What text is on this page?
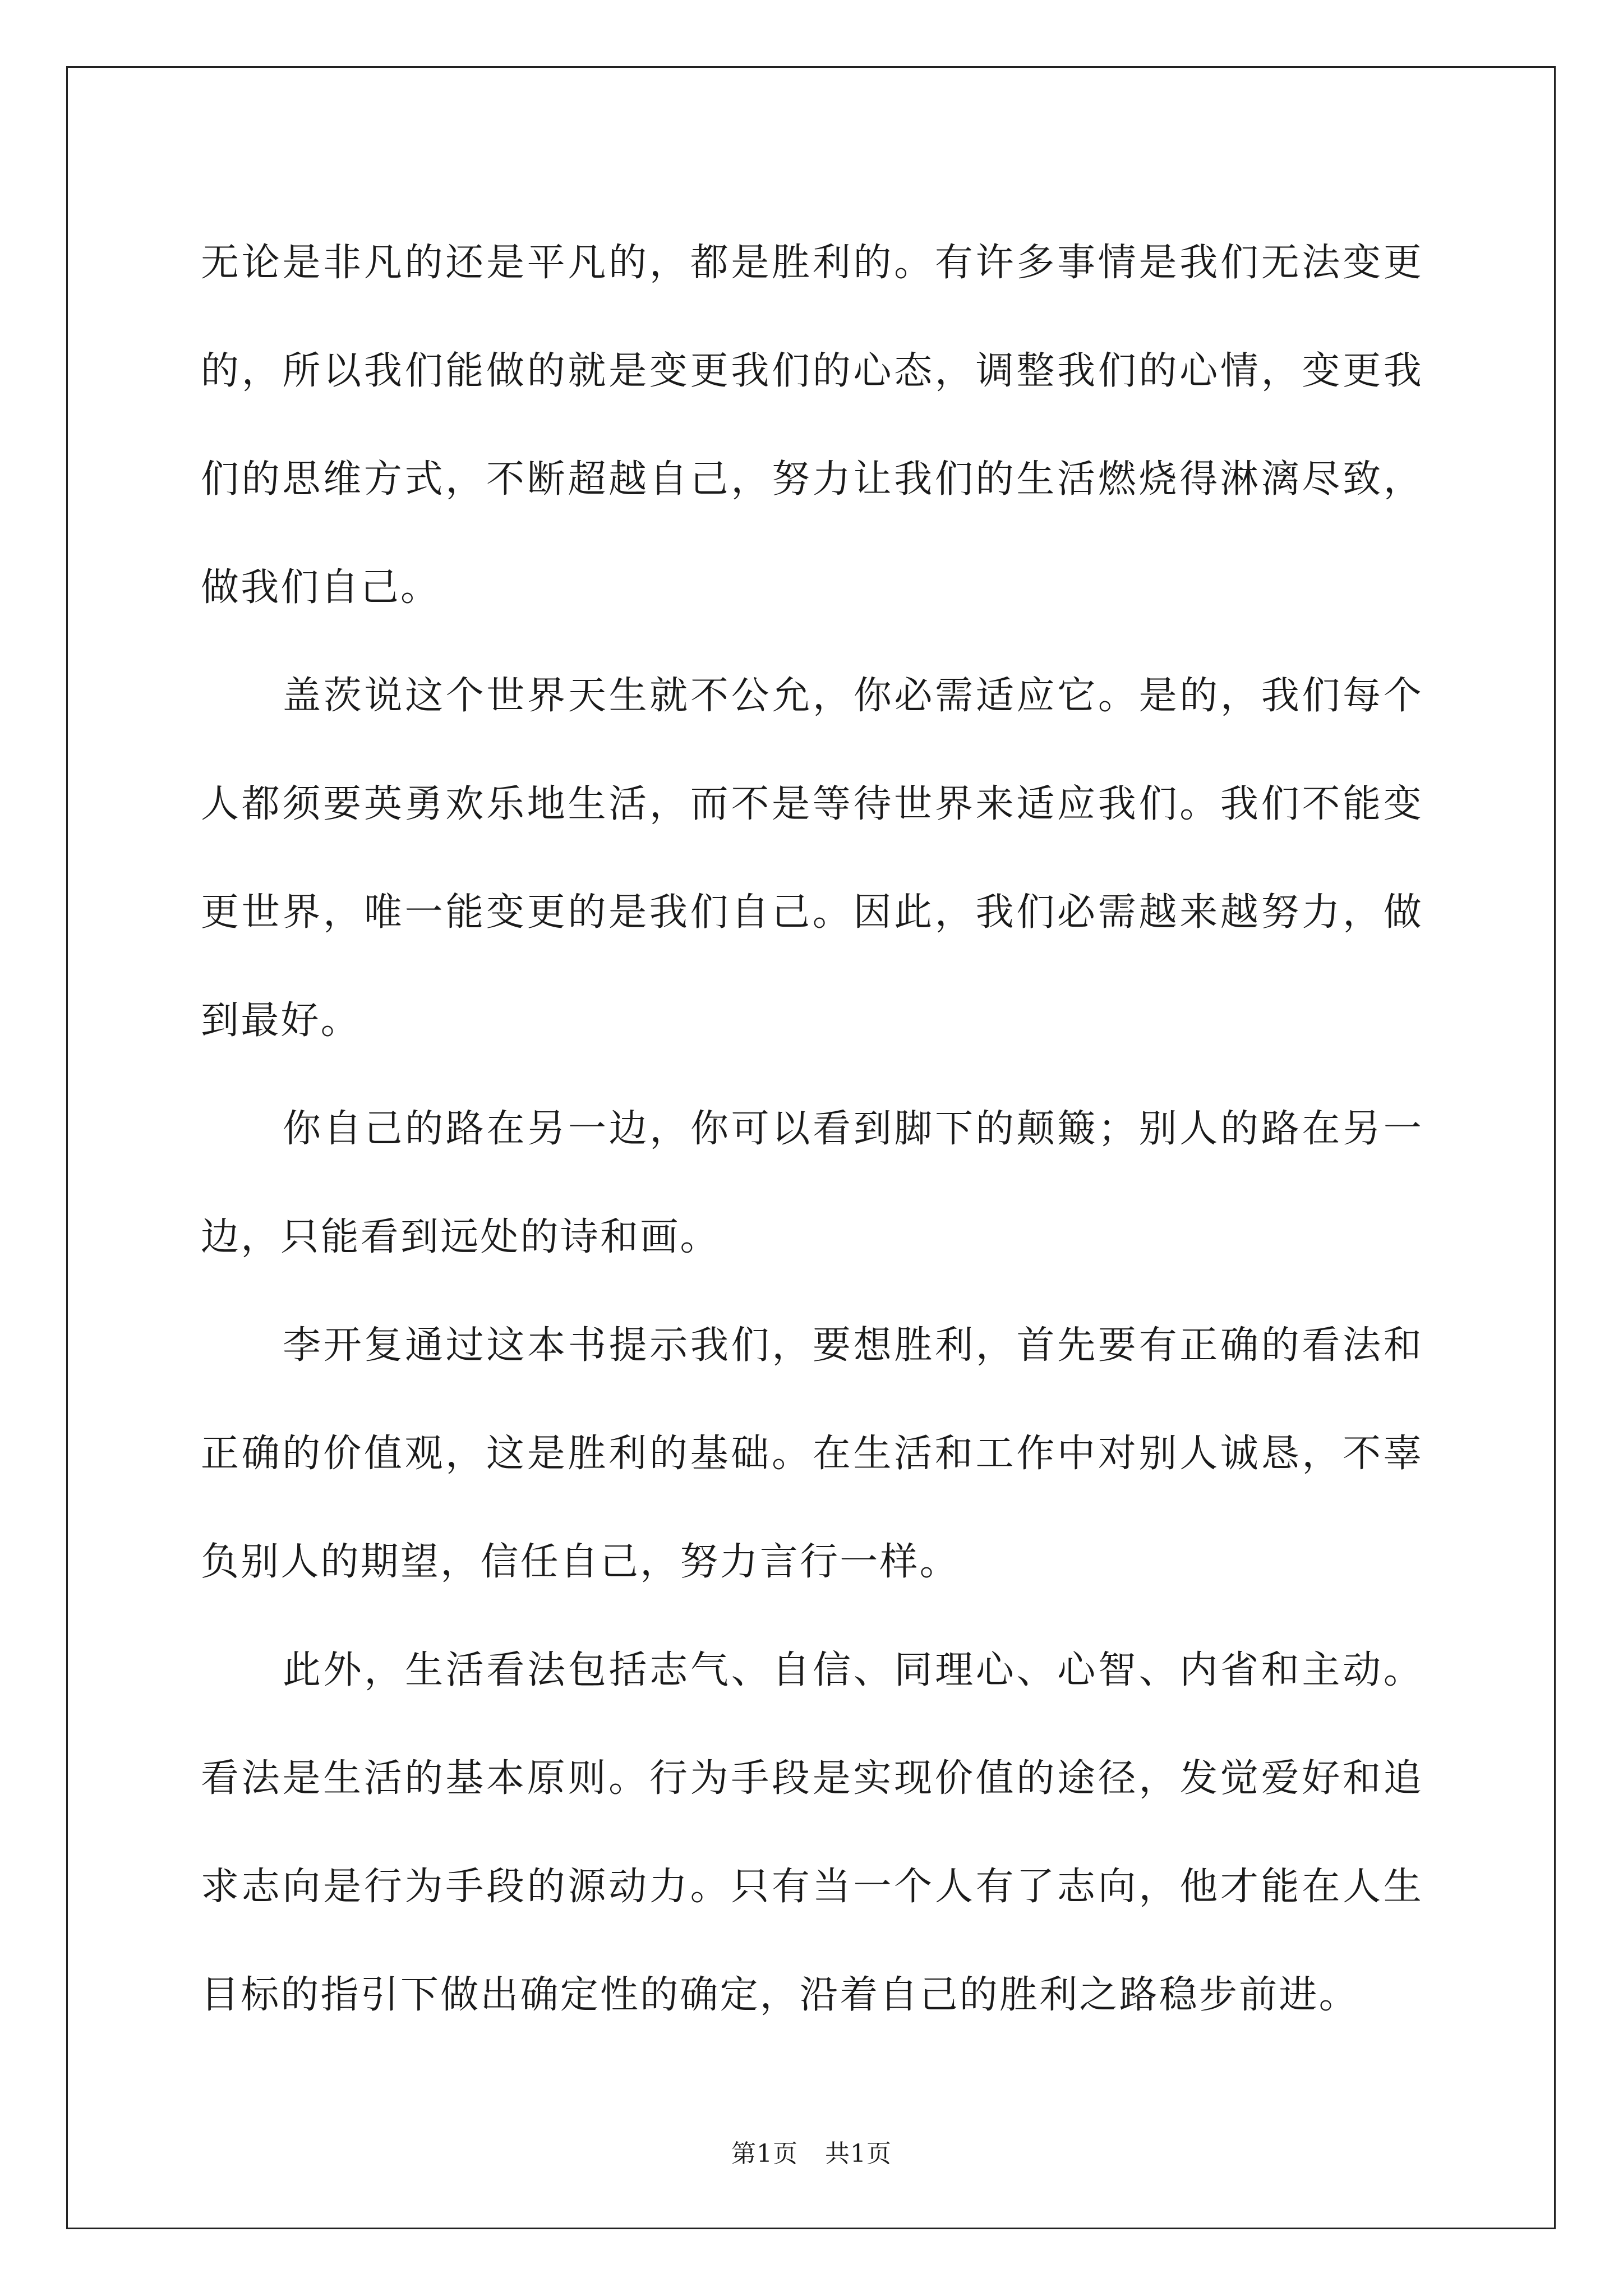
无论是非凡的还是平凡的，都是胜利的。有许多事情是我们无法变更的，所以我们能做的就是变更我们的心态，调整我们的心情，变更我们的思维方式，不断超越自己，努力让我们的生活燃烧得淋漓尽致，做我们自己。

盖茨说这个世界天生就不公允，你必需适应它。是的，我们每个人都须要英勇欢乐地生活，而不是等待世界来适应我们。我们不能变更世界，唯一能变更的是我们自己。因此，我们必需越来越努力，做到最好。

你自己的路在另一边，你可以看到脚下的颠簸；别人的路在另一边，只能看到远处的诗和画。

李开复通过这本书提示我们，要想胜利，首先要有正确的看法和正确的价值观，这是胜利的基础。在生活和工作中对别人诚恳，不辜负别人的期望，信任自己，努力言行一样。

此外，生活看法包括志气、自信、同理心、心智、内省和主动。看法是生活的基本原则。行为手段是实现价值的途径，发觉爱好和追求志向是行为手段的源动力。只有当一个人有了志向，他才能在人生目标的指引下做出确定性的确定，沿着自己的胜利之路稳步前进。

第1页 共1页
